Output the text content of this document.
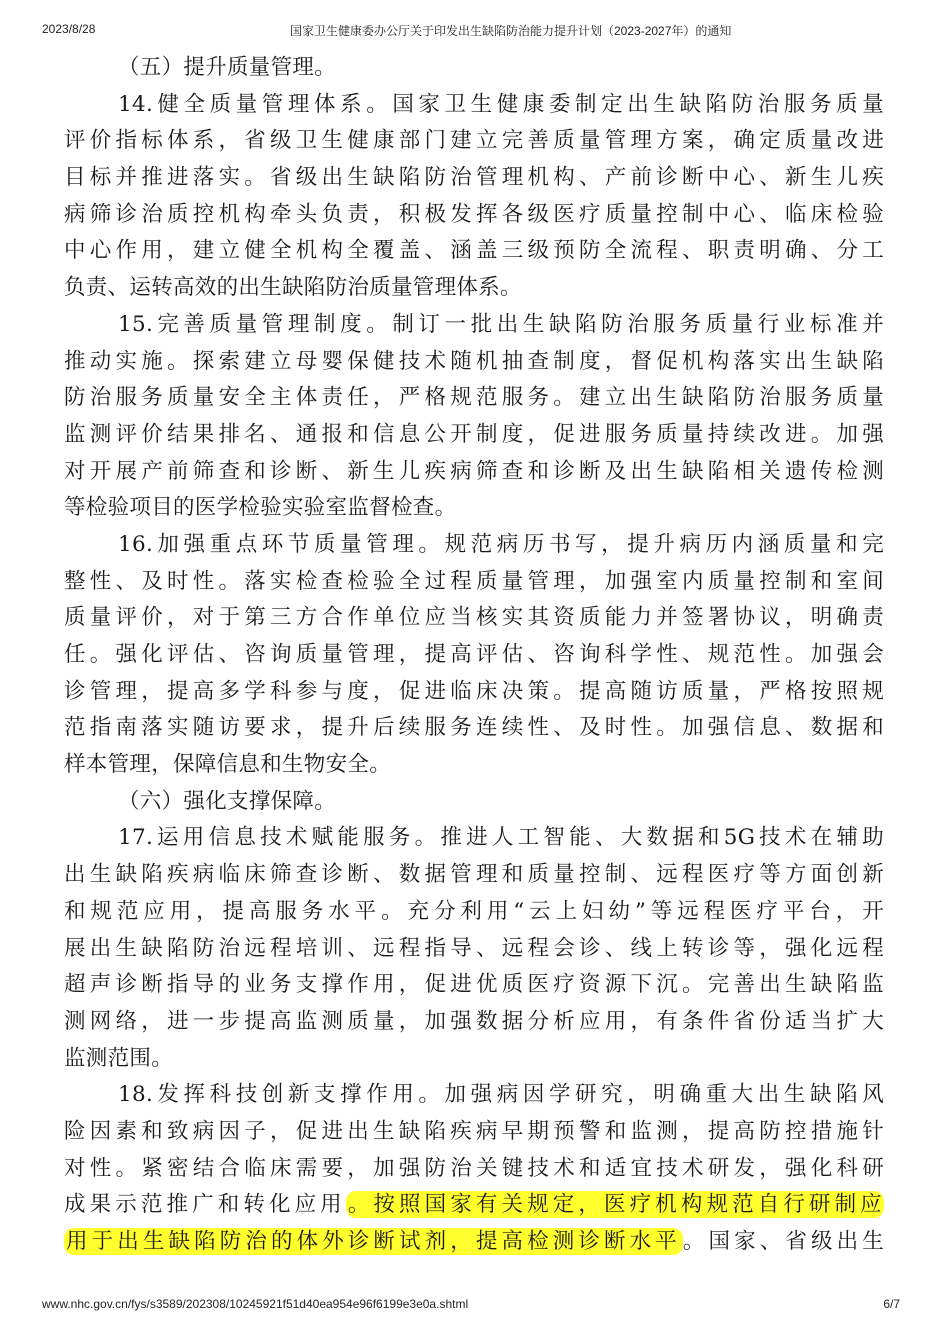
2023/8/28	国家卫生健康委办公厅关于印发出生缺陷防治能力提升计划（2023-2027年）的通知
（五）提升质量管理。
14.健全质量管理体系。国家卫生健康委制定出生缺陷防治服务质量
评价指标体系，省级卫生健康部门建立完善质量管理方案，确定质量改进
目标并推进落实。省级出生缺陷防治管理机构、产前诊断中心、新生儿疾
病筛诊治质控机构牵头负责，积极发挥各级医疗质量控制中心、临床检验
中心作用，建立健全机构全覆盖、涵盖三级预防全流程、职责明确、分工
负责、运转高效的出生缺陷防治质量管理体系。
15.完善质量管理制度。制订一批出生缺陷防治服务质量行业标准并
推动实施。探索建立母婴保健技术随机抽查制度，督促机构落实出生缺陷
防治服务质量安全主体责任，严格规范服务。建立出生缺陷防治服务质量
监测评价结果排名、通报和信息公开制度，促进服务质量持续改进。加强
对开展产前筛查和诊断、新生儿疾病筛查和诊断及出生缺陷相关遗传检测
等检验项目的医学检验实验室监督检查。
16.加强重点环节质量管理。规范病历书写，提升病历内涵质量和完
整性、及时性。落实检查检验全过程质量管理，加强室内质量控制和室间
质量评价，对于第三方合作单位应当核实其资质能力并签署协议，明确责
任。强化评估、咨询质量管理，提高评估、咨询科学性、规范性。加强会
诊管理，提高多学科参与度，促进临床决策。提高随访质量，严格按照规
范指南落实随访要求，提升后续服务连续性、及时性。加强信息、数据和
样本管理，保障信息和生物安全。
（六）强化支撑保障。
17.运用信息技术赋能服务。推进人工智能、大数据和5G技术在辅助
出生缺陷疾病临床筛查诊断、数据管理和质量控制、远程医疗等方面创新
和规范应用，提高服务水平。充分利用“云上妇幼”等远程医疗平台，开
展出生缺陷防治远程培训、远程指导、远程会诊、线上转诊等，强化远程
超声诊断指导的业务支撑作用，促进优质医疗资源下沉。完善出生缺陷监
测网络，进一步提高监测质量，加强数据分析应用，有条件省份适当扩大
监测范围。
18.发挥科技创新支撑作用。加强病因学研究，明确重大出生缺陷风
险因素和致病因子，促进出生缺陷疾病早期预警和监测，提高防控措施针
对性。紧密结合临床需要，加强防治关键技术和适宜技术研发，强化科研
成果示范推广和转化应用。按照国家有关规定，医疗机构规范自行研制应
用于出生缺陷防治的体外诊断试剂，提高检测诊断水平。国家、省级出生
www.nhc.gov.cn/fys/s3589/202308/10245921f51d40ea954e96f6199e3e0a.shtml	6/7
